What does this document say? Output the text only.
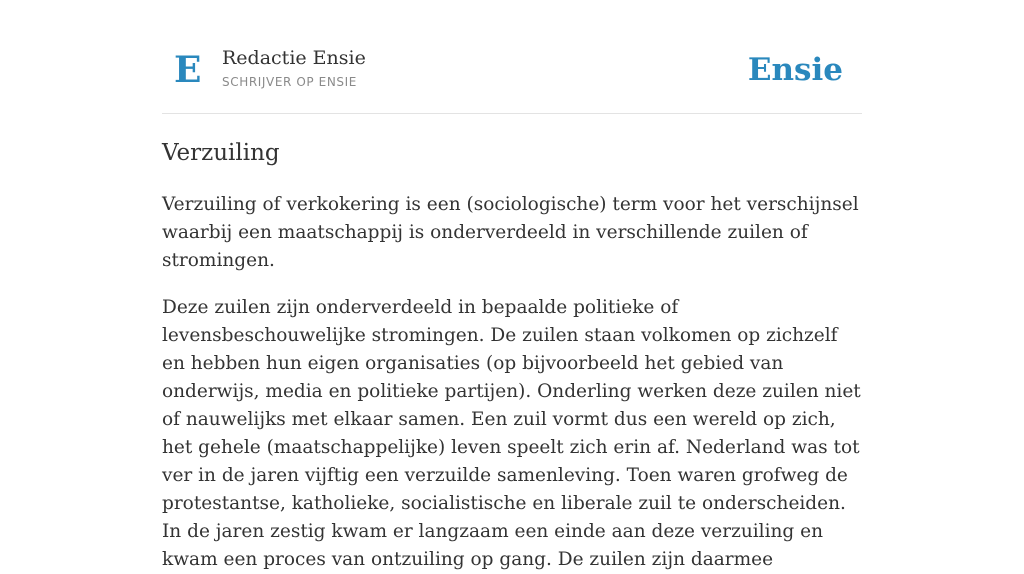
E Redactie Ensie
SCHRIJVER OP ENSIE	Ensie
Verzuiling

Verzuiling of verkokering is een (sociologische) term voor het verschijnsel waarbij een maatschappij is onderverdeeld in verschillende zuilen of stromingen.

Deze zuilen zijn onderverdeeld in bepaalde politieke of levensbeschouwelijke stromingen. De zuilen staan volkomen op zichzelf en hebben hun eigen organisaties (op bijvoorbeeld het gebied van onderwijs, media en politieke partijen). Onderling werken deze zuilen niet of nauwelijks met elkaar samen. Een zuil vormt dus een wereld op zich, het gehele (maatschappelijke) leven speelt zich erin af. Nederland was tot ver in de jaren vijftig een verzuilde samenleving. Toen waren grofweg de protestantse, katholieke, socialistische en liberale zuil te onderscheiden. In de jaren zestig kwam er langzaam een einde aan deze verzuiling en kwam een proces van ontzuiling op gang. De zuilen zijn daarmee
